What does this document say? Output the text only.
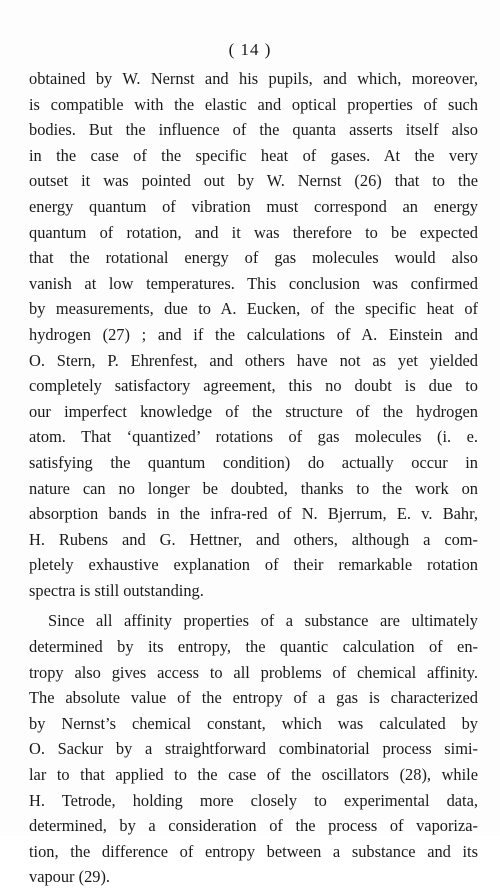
( 14 )
obtained by W. Nernst and his pupils, and which, moreover,
is compatible with the elastic and optical properties of such
bodies. But the influence of the quanta asserts itself also
in the case of the specific heat of gases. At the very
outset it was pointed out by W. Nernst (26) that to the
energy quantum of vibration must correspond an energy
quantum of rotation, and it was therefore to be expected
that the rotational energy of gas molecules would also
vanish at low temperatures. This conclusion was confirmed
by measurements, due to A. Eucken, of the specific heat of
hydrogen (27) ; and if the calculations of A. Einstein and
O. Stern, P. Ehrenfest, and others have not as yet yielded
completely satisfactory agreement, this no doubt is due to
our imperfect knowledge of the structure of the hydrogen
atom. That ‘quantized’ rotations of gas molecules (i. e.
satisfying the quantum condition) do actually occur in
nature can no longer be doubted, thanks to the work on
absorption bands in the infra-red of N. Bjerrum, E. v. Bahr,
H. Rubens and G. Hettner, and others, although a com-
pletely exhaustive explanation of their remarkable rotation
spectra is still outstanding.
Since all affinity properties of a substance are ultimately
determined by its entropy, the quantic calculation of en-
tropy also gives access to all problems of chemical affinity.
The absolute value of the entropy of a gas is characterized
by Nernst’s chemical constant, which was calculated by
O. Sackur by a straightforward combinatorial process simi-
lar to that applied to the case of the oscillators (28), while
H. Tetrode, holding more closely to experimental data,
determined, by a consideration of the process of vaporiza-
tion, the difference of entropy between a substance and its
vapour (29).
